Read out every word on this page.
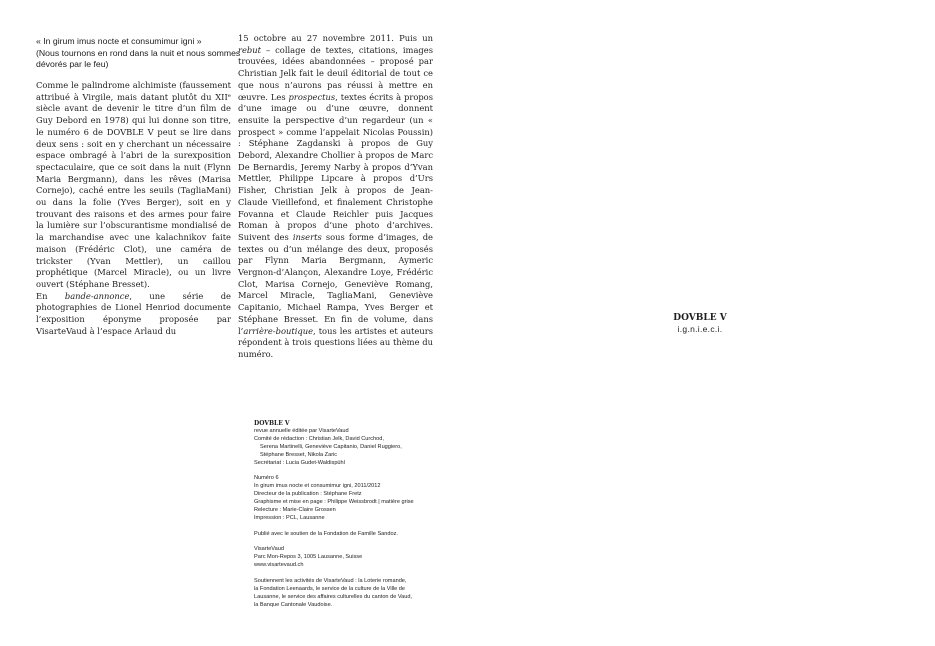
« In girum imus nocte et consumimur igni »
(Nous tournons en rond dans la nuit et nous sommes
dévorés par le feu)

Comme le palindrome alchimiste (faussement attribué à Virgile, mais datant plutôt du XIIᵉ siècle avant de devenir le titre d’un film de Guy Debord en 1978) qui lui donne son titre, le numéro 6 de DOVBLE V peut se lire dans deux sens : soit en y cherchant un nécessaire espace ombragé à l’abri de la surexposition spectaculaire, que ce soit dans la nuit (Flynn Maria Bergmann), dans les rêves (Marisa Cornejo), caché entre les seuils (TagliaMani) ou dans la folie (Yves Berger), soit en y trouvant des raisons et des armes pour faire la lumière sur l’obscurantisme mondialisé de la marchandise avec une kalachnikov faite maison (Frédéric Clot), une caméra de trickster (Yvan Mettler), un caillou prophétique (Marcel Miracle), ou un livre ouvert (Stéphane Bresset).

En bande-annonce, une série de photographies de Lionel Henriod documente l’exposition éponyme proposée par VisarteVaud à l’espace Arlaud du

15 octobre au 27 novembre 2011. Puis un rebut – collage de textes, citations, images trouvées, idées abandonnées – proposé par Christian Jelk fait le deuil éditorial de tout ce que nous n’aurons pas réussi à mettre en œuvre. Les prospectus, textes écrits à propos d’une image ou d’une œuvre, donnent ensuite la perspective d’un regardeur (un « prospect » comme l’appelait Nicolas Poussin) : Stéphane Zagdanski à propos de Guy Debord, Alexandre Chollier à propos de Marc De Bernardis, Jeremy Narby à propos d’Yvan Mettler, Philippe Lipcare à propos d’Urs Fisher, Christian Jelk à propos de Jean-Claude Vieillefond, et finalement Christophe Fovanna et Claude Reichler puis Jacques Roman à propos d’une photo d’archives. Suivent des inserts sous forme d’images, de textes ou d’un mélange des deux, proposés par Flynn Maria Bergmann, Aymeric Vergnon-d’Alançon, Alexandre Loye, Frédéric Clot, Marisa Cornejo, Geneviève Romang, Marcel Miracle, TagliaMani, Geneviève Capitanio, Michael Rampa, Yves Berger et Stéphane Bresset. En fin de volume, dans l’arrière-boutique, tous les artistes et auteurs répondent à trois questions liées au thème du numéro.

DOVBLE V
i.g.n.i.e.c.i.
DOVBLE V
revue annuelle éditée par VisarteVaud
Comité de rédaction : Christian Jelk, David Curchod,
Serena Martinelli, Geneviève Capitanio, Daniel Ruggiero,
Stéphane Bresset, Nikola Zaric
Secrétariat : Lucia Gudet-Waldispühl
Numéro 6
In girum imus nocte et consumimur igni, 2011/2012
Directeur de la publication : Stéphane Fretz
Graphisme et mise en page : Philippe Weissbrodt | matière grise
Relecture : Marie-Claire Grossen
Impression : PCL, Lausanne
Publié avec le soutien de la Fondation de Famille Sandoz.
VisarteVaud
Parc Mon-Repos 3, 1005 Lausanne, Suisse
www.visartevaud.ch
Soutiennent les activités de VisarteVaud : la Loterie romande,
la Fondation Leenaards, le service de la culture de la Ville de
Lausanne, le service des affaires culturelles du canton de Vaud,
la Banque Cantonale Vaudoise.
